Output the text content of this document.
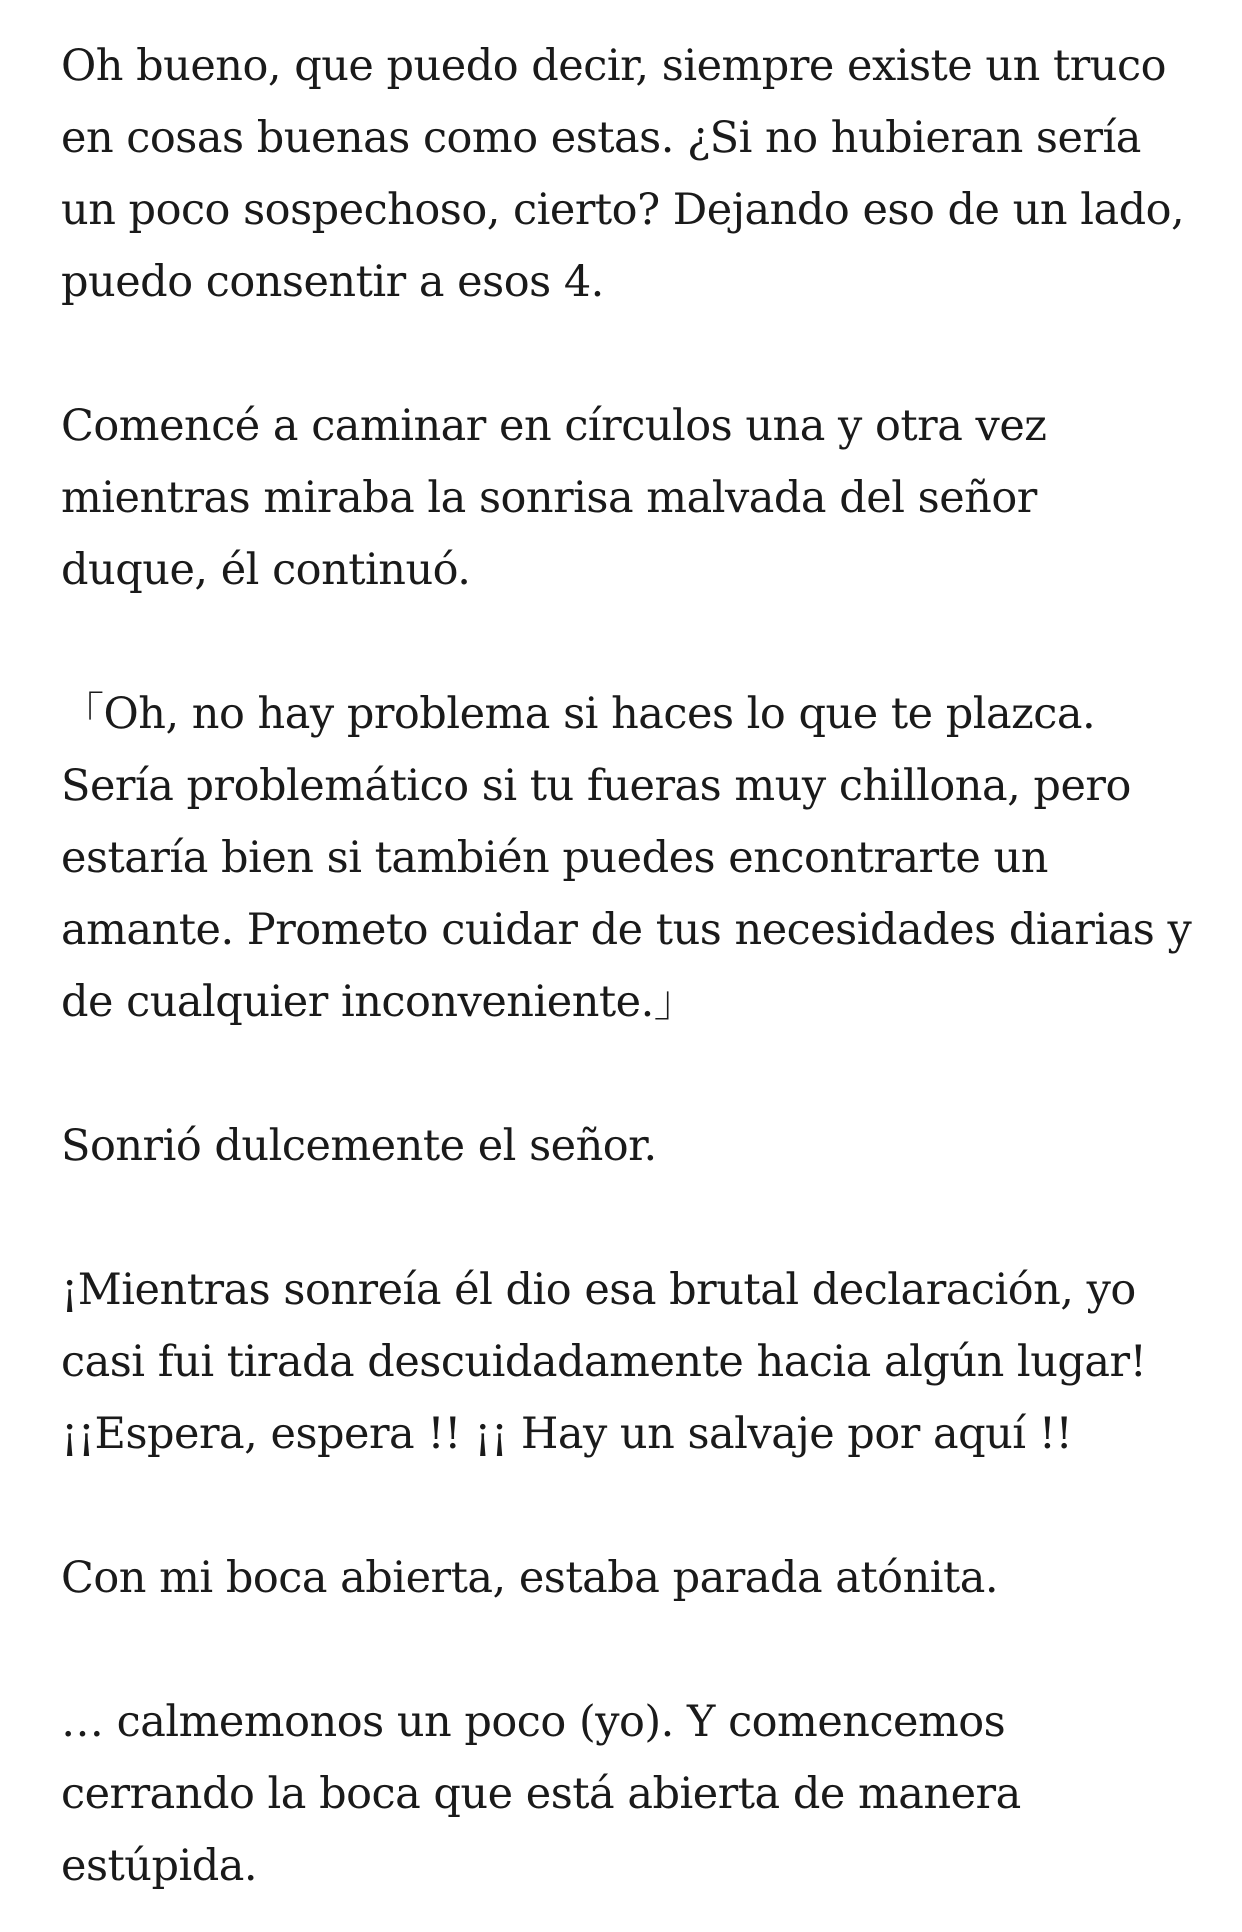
Oh bueno, que puedo decir, siempre existe un truco en cosas buenas como estas. ¿Si no hubieran sería un poco sospechoso, cierto? Dejando eso de un lado, puedo consentir a esos 4.

Comencé a caminar en círculos una y otra vez mientras miraba la sonrisa malvada del señor duque, él continuó.

「Oh, no hay problema si haces lo que te plazca. Sería problemático si tu fueras muy chillona, pero estaría bien si también puedes encontrarte un amante. Prometo cuidar de tus necesidades diarias y de cualquier inconveniente.」

Sonrió dulcemente el señor.

¡Mientras sonreía él dio esa brutal declaración, yo casi fui tirada descuidadamente hacia algún lugar! ¡¡Espera, espera !! ¡¡ Hay un salvaje por aquí !!

Con mi boca abierta, estaba parada atónita.

… calmemonos un poco (yo). Y comencemos cerrando la boca que está abierta de manera estúpida.
